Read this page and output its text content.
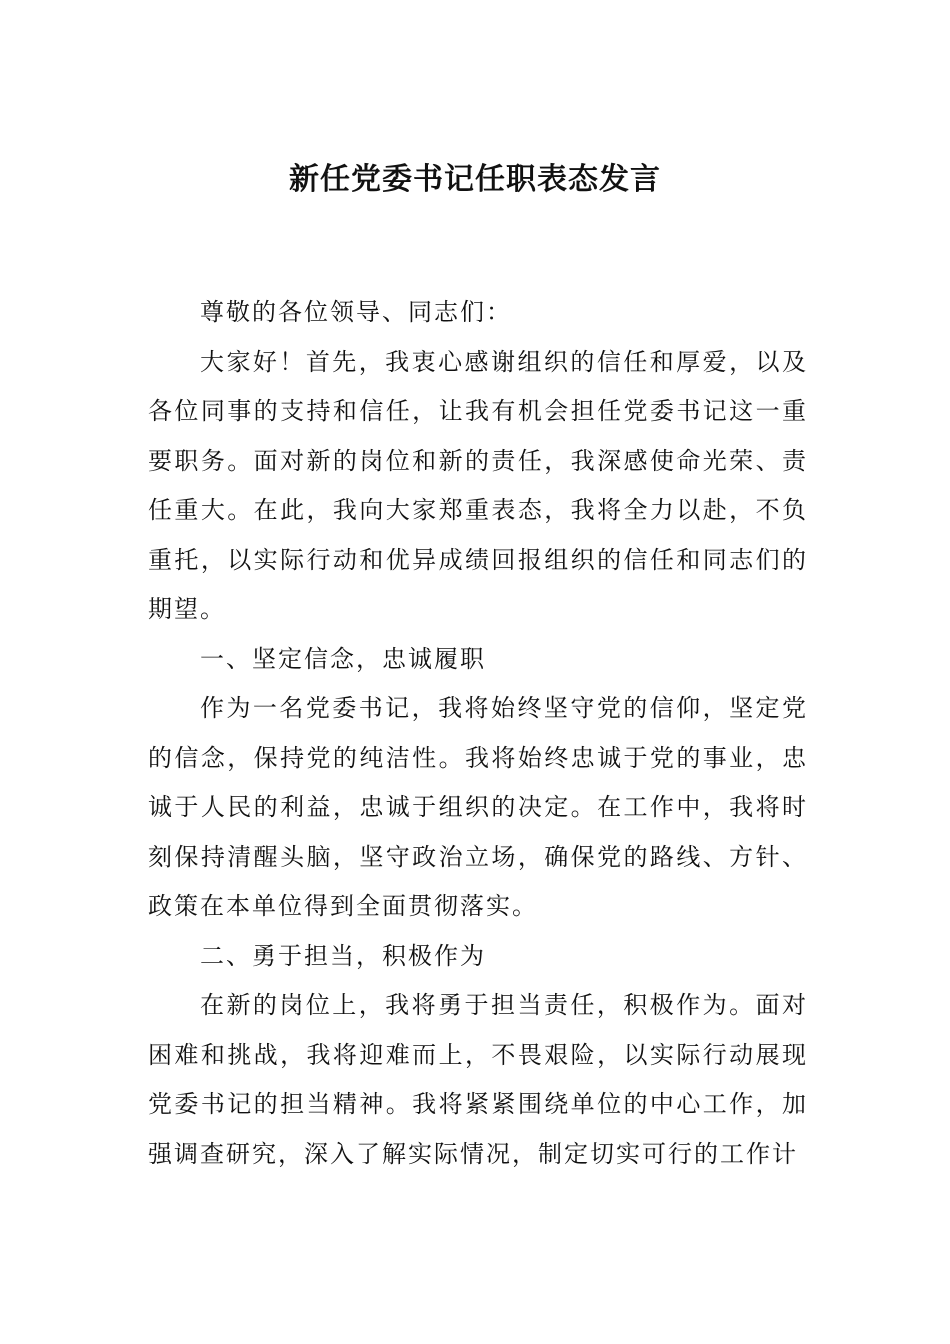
新任党委书记任职表态发言

尊敬的各位领导、同志们：

大家好！首先，我衷心感谢组织的信任和厚爱，以及各位同事的支持和信任，让我有机会担任党委书记这一重要职务。面对新的岗位和新的责任，我深感使命光荣、责任重大。在此，我向大家郑重表态，我将全力以赴，不负重托，以实际行动和优异成绩回报组织的信任和同志们的期望。

一、坚定信念，忠诚履职

作为一名党委书记，我将始终坚守党的信仰，坚定党的信念，保持党的纯洁性。我将始终忠诚于党的事业，忠诚于人民的利益，忠诚于组织的决定。在工作中，我将时刻保持清醒头脑，坚守政治立场，确保党的路线、方针、政策在本单位得到全面贯彻落实。

二、勇于担当，积极作为

在新的岗位上，我将勇于担当责任，积极作为。面对困难和挑战，我将迎难而上，不畏艰险，以实际行动展现党委书记的担当精神。我将紧紧围绕单位的中心工作，加强调查研究，深入了解实际情况，制定切实可行的工作计
